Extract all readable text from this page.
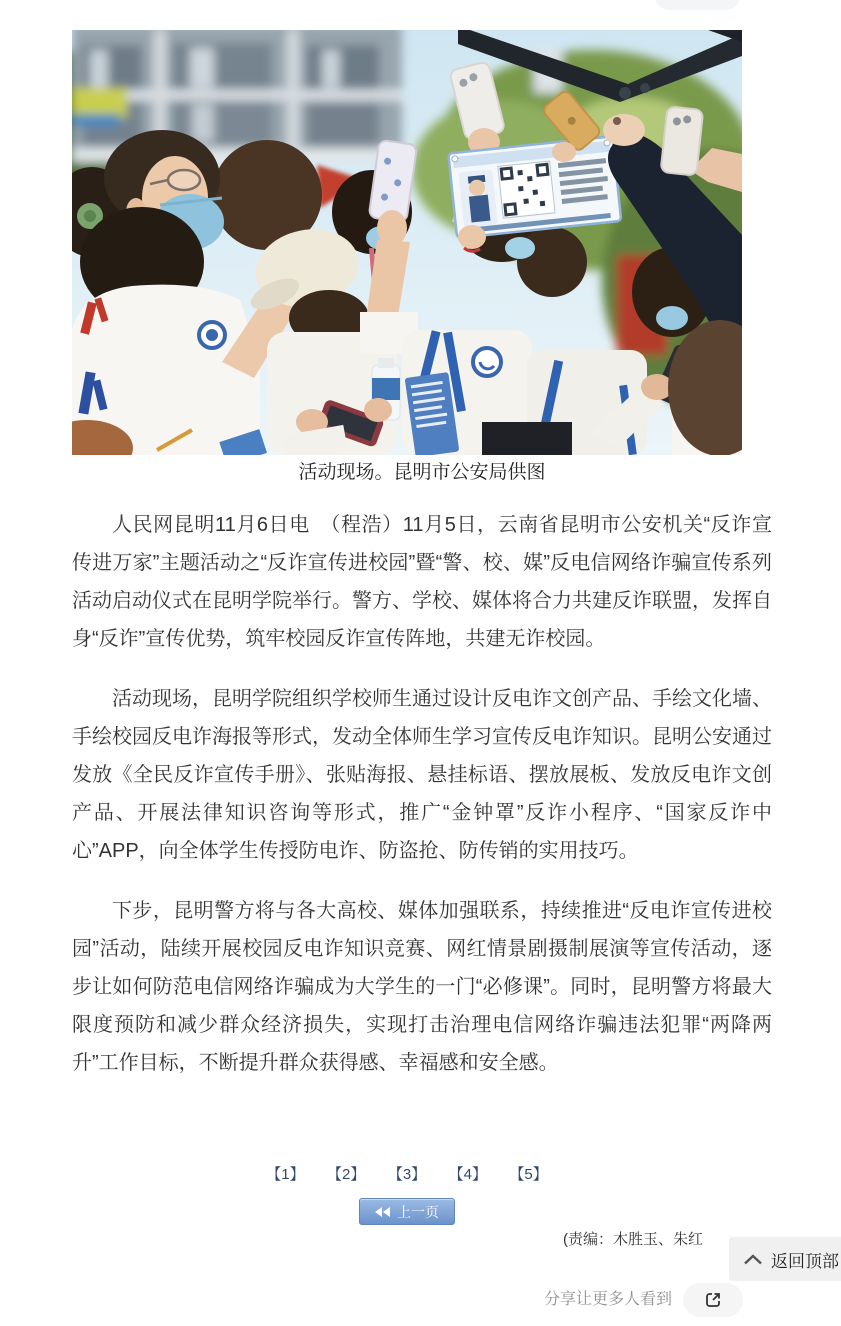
活动现场。昆明市公安局供图

人民网昆明11月6日电　（程浩）11月5日，云南省昆明市公安机关“反诈宣传进万家”主题活动之“反诈宣传进校园”暨“警、校、媒”反电信网络诈骗宣传系列活动启动仪式在昆明学院举行。警方、学校、媒体将合力共建反诈联盟，发挥自身“反诈”宣传优势，筑牢校园反诈宣传阵地，共建无诈校园。

活动现场，昆明学院组织学校师生通过设计反电诈文创产品、手绘文化墙、手绘校园反电诈海报等形式，发动全体师生学习宣传反电诈知识。昆明公安通过发放《全民反诈宣传手册》、张贴海报、悬挂标语、摆放展板、发放反电诈文创产品、开展法律知识咨询等形式，推广“金钟罩”反诈小程序、“国家反诈中心”APP，向全体学生传授防电诈、防盗抢、防传销的实用技巧。

下步，昆明警方将与各大高校、媒体加强联系，持续推进“反电诈宣传进校园”活动，陆续开展校园反电诈知识竞赛、网红情景剧摄制展演等宣传活动，逐步让如何防范电信网络诈骗成为大学生的一门“必修课”。同时，昆明警方将最大限度预防和减少群众经济损失，实现打击治理电信网络诈骗违法犯罪“两降两升”工作目标，不断提升群众获得感、幸福感和安全感。

【1】 【2】 【3】 【4】 【5】
上一页
(责编：木胜玉、朱红
分享让更多人看到
返回顶部
